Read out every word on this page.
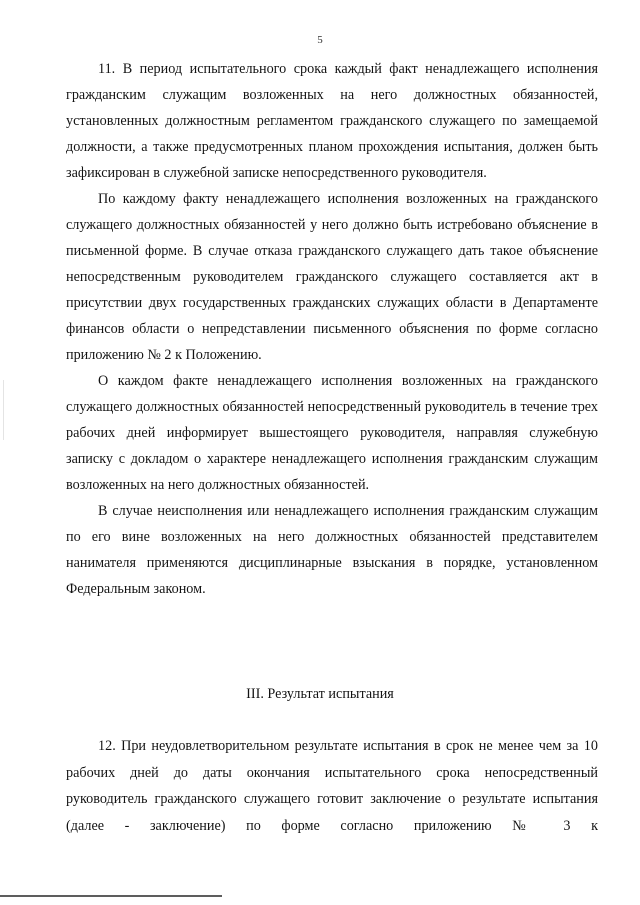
5

11. В период испытательного срока каждый факт ненадлежащего исполнения гражданским служащим возложенных на него должностных обязанностей, установленных должностным регламентом гражданского служащего по замещаемой должности, а также предусмотренных планом прохождения испытания, должен быть зафиксирован в служебной записке непосредственного руководителя.

По каждому факту ненадлежащего исполнения возложенных на гражданского служащего должностных обязанностей у него должно быть истребовано объяснение в письменной форме. В случае отказа гражданского служащего дать такое объяснение непосредственным руководителем гражданского служащего составляется акт в присутствии двух государственных гражданских служащих области в Департаменте финансов области о непредставлении письменного объяснения по форме согласно приложению № 2 к Положению.

О каждом факте ненадлежащего исполнения возложенных на гражданского служащего должностных обязанностей непосредственный руководитель в течение трех рабочих дней информирует вышестоящего руководителя, направляя служебную записку с докладом о характере ненадлежащего исполнения гражданским служащим возложенных на него должностных обязанностей.

В случае неисполнения или ненадлежащего исполнения гражданским служащим по его вине возложенных на него должностных обязанностей представителем нанимателя применяются дисциплинарные взыскания в порядке, установленном Федеральным законом.

III. Результат испытания

12. При неудовлетворительном результате испытания в срок не менее чем за 10 рабочих дней до даты окончания испытательного срока непосредственный руководитель гражданского служащего готовит заключение о результате испытания (далее - заключение) по форме согласно приложению № 3 к
